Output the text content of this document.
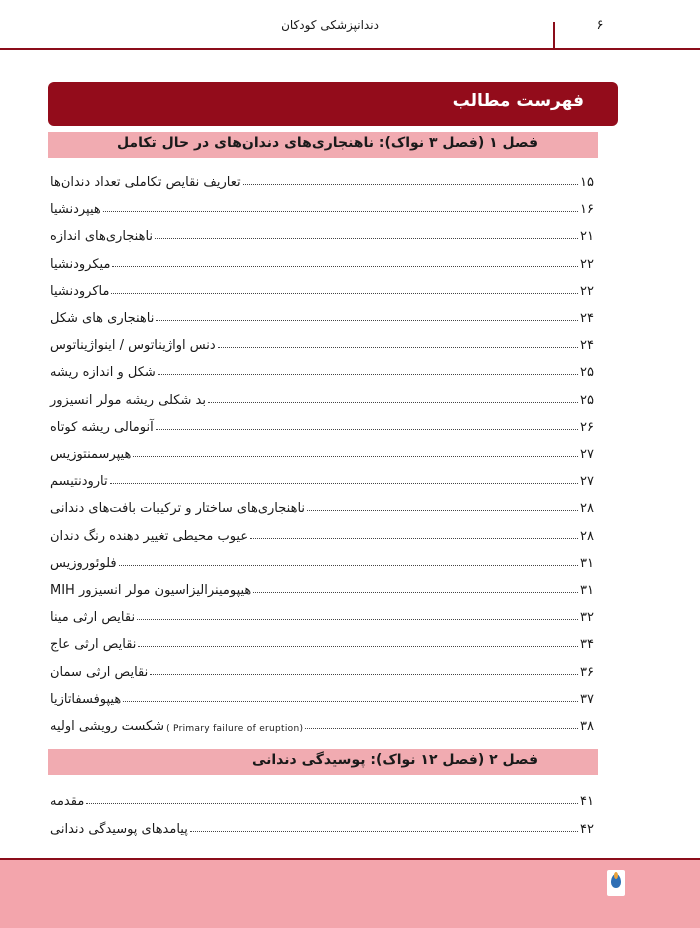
دندانپزشکی کودکان	۶
فهرست مطالب
فصل ۱ (فصل ۳ نواک): ناهنجاری‌های دندان‌های در حال تکامل
تعاریف نقایص تکاملی تعداد دندان‌ها	۱۵
هیپردنشیا	۱۶
ناهنجاری‌های اندازه	۲۱
میکرودنشیا	۲۲
ماکرودنشیا	۲۲
ناهنجاری های شکل	۲۴
دنس اواژیناتوس / اینواژیناتوس	۲۴
شکل و اندازه ریشه	۲۵
بد شکلی ریشه مولر انسیزور	۲۵
آنومالی ریشه کوتاه	۲۶
هیپرسمنتوزیس	۲۷
تارودنتیسم	۲۷
ناهنجاری‌های ساختار و ترکیبات بافت‌های دندانی	۲۸
عیوب محیطی تغییر دهنده رنگ دندان	۲۸
فلوئوروزیس	۳۱
هیپومینرالیزاسیون مولر انسیزور MIH	۳۱
نقایص ارثی مینا	۳۲
نقایص ارثی عاج	۳۴
نقایص ارثی سمان	۳۶
هیپوفسفاتازیا	۳۷
شکست رویشی اولیه ( Primary failure of eruption)	۳۸
فصل ۲ (فصل ۱۲ نواک): پوسیدگی دندانی
مقدمه	۴۱
پیامدهای پوسیدگی دندانی	۴۲
